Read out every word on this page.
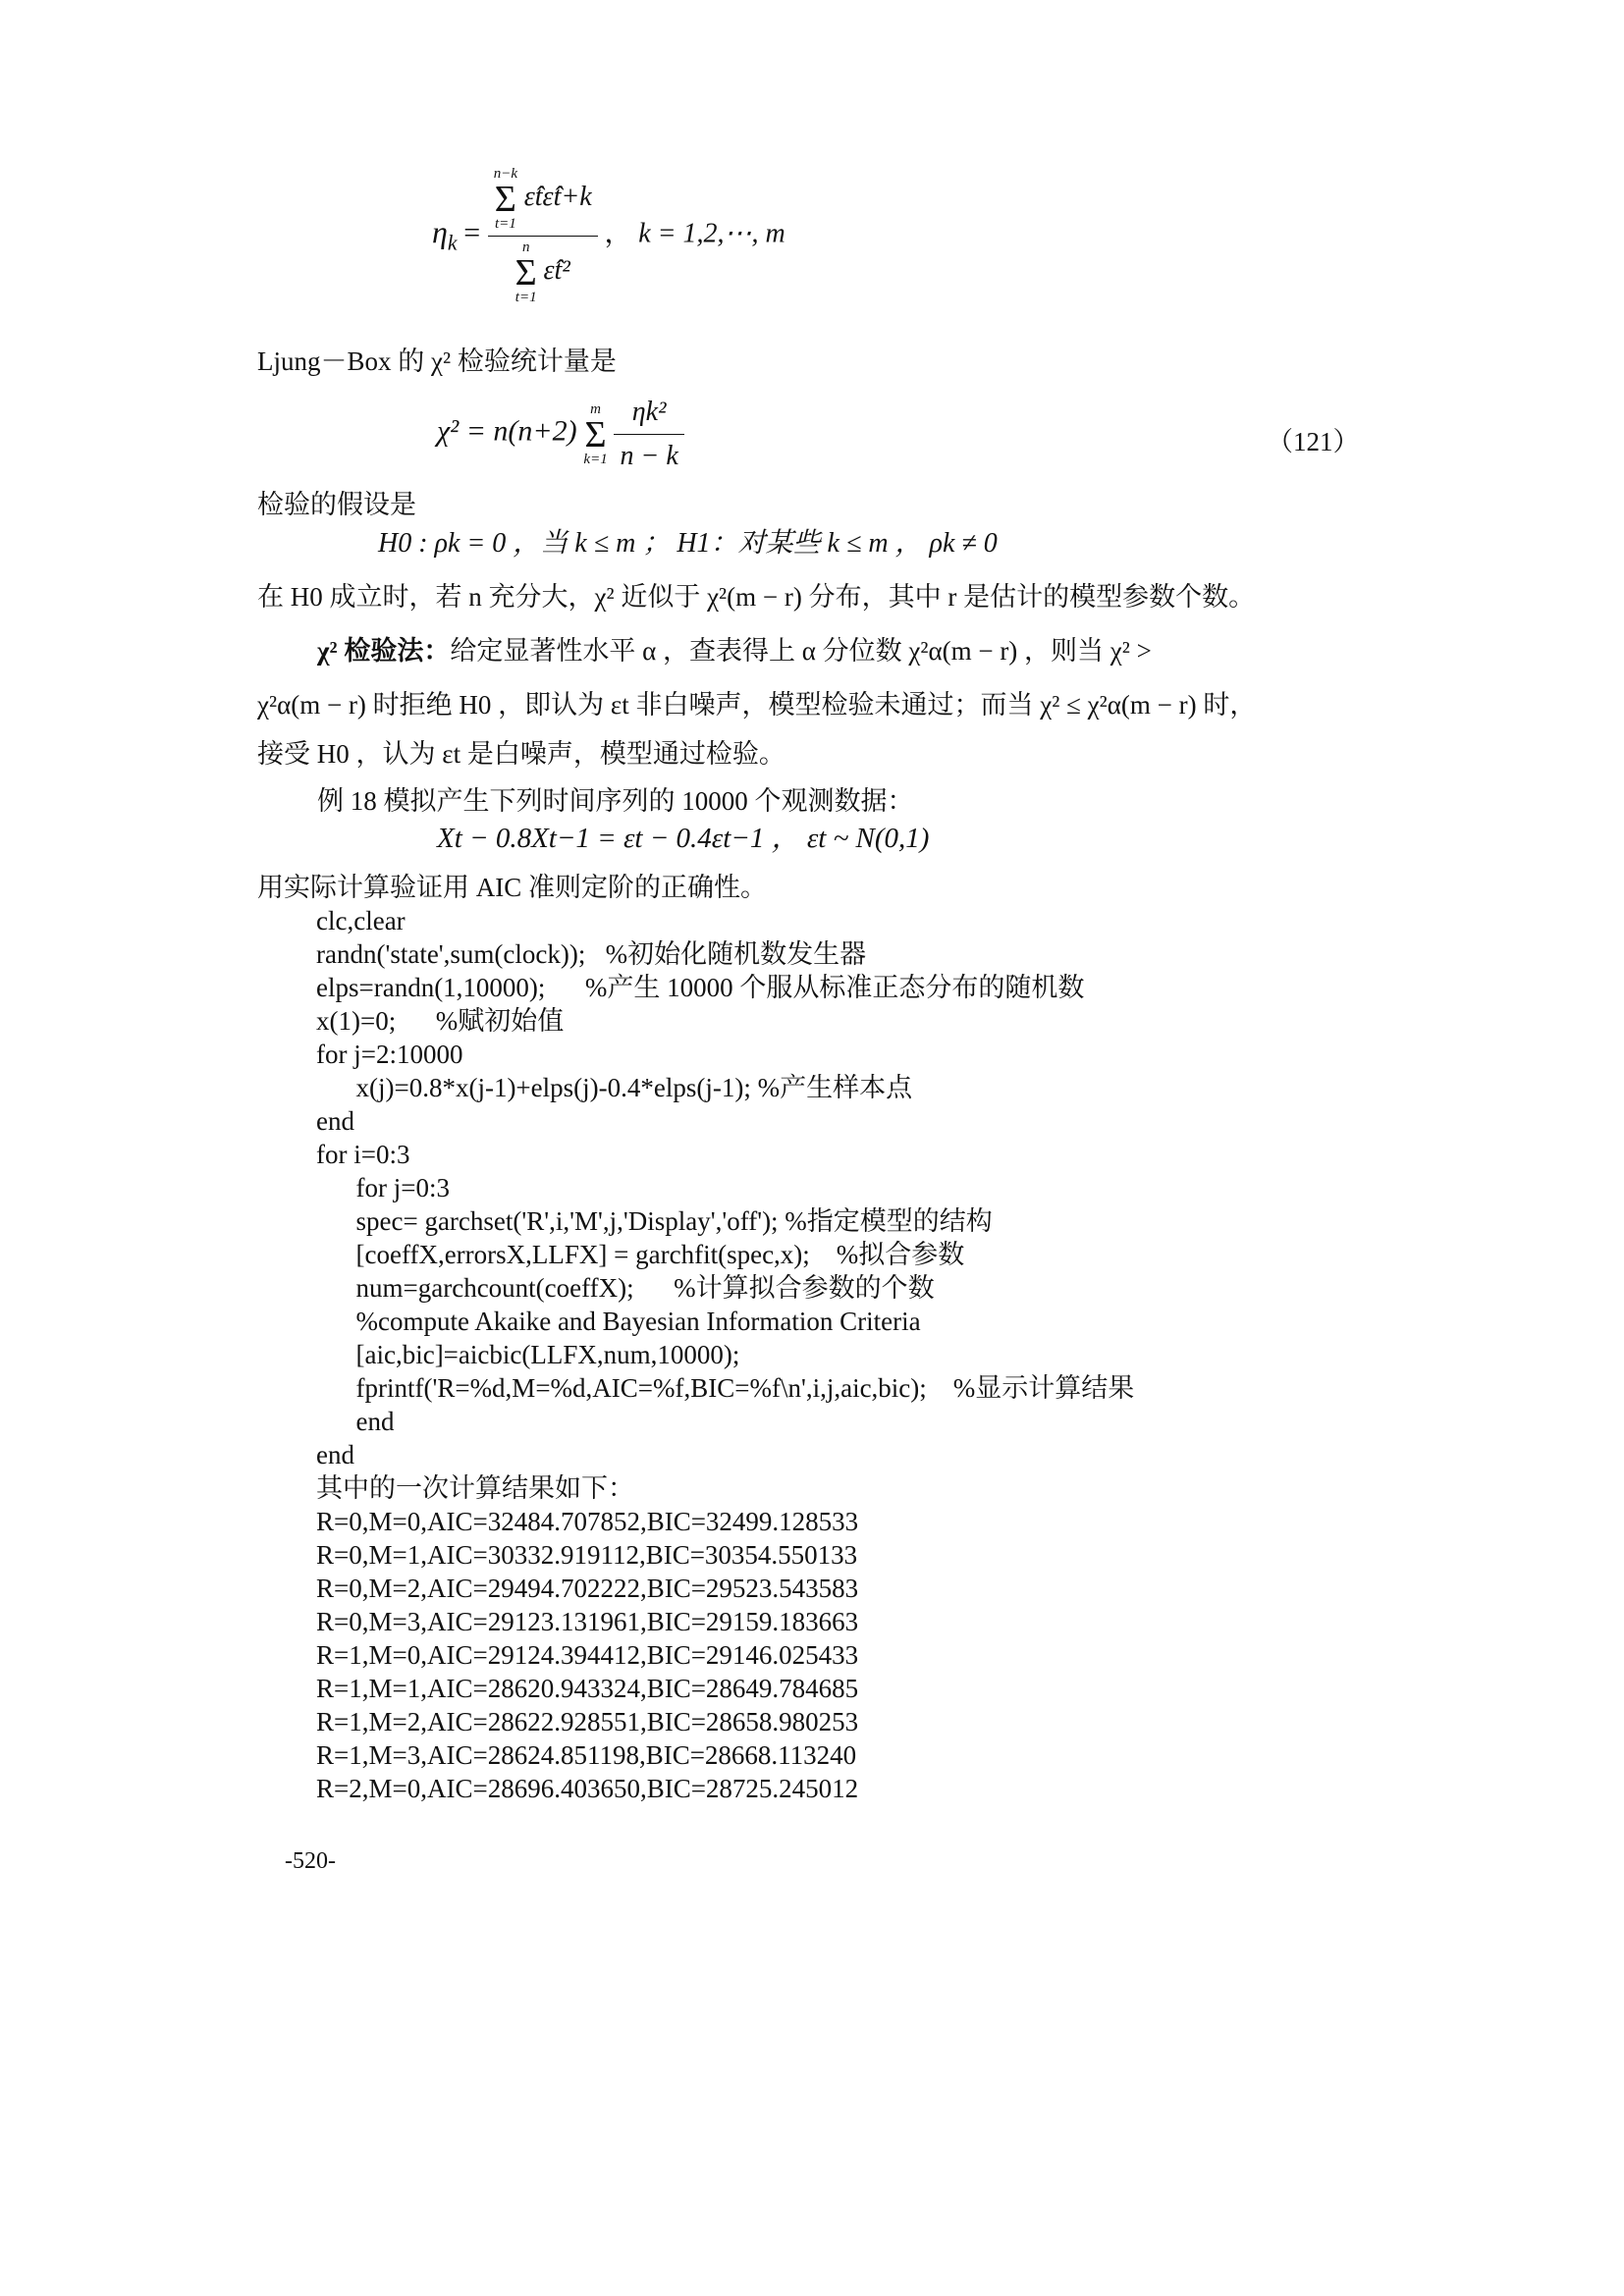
$\eta_k = n-k$
Σ
t=1
ε̂tε̂t+k
n
Σ
t=1
ε̂t² ， k = 1,2,⋯, m
Ljung－Box 的 χ² 检验统计量是
χ² = n(n+2)
m
Σ
k=1
$\frac{\text{ηk²}}{n - k}$	（121）
检验的假设是
H0 : ρk = 0 ，当 k ≤ m ； H1：对某些 k ≤ m ， ρk ≠ 0
在 H0 成立时，若 n 充分大，χ² 近似于 χ²(m − r) 分布，其中 r 是估计的模型参数个数。
χ² 检验法：给定显著性水平 α ，查表得上 α 分位数 χ²α(m − r) ，则当 χ² >
χ²α(m − r) 时拒绝 H0 ，即认为 εt 非白噪声，模型检验未通过；而当 χ² ≤ χ²α(m − r) 时，
接受 H0 ，认为 εt 是白噪声，模型通过检验。
例 18 模拟产生下列时间序列的 10000 个观测数据：
Xt − 0.8Xt−1 = εt − 0.4εt−1 ， εt ~ N(0,1)
用实际计算验证用 AIC 准则定阶的正确性。
clc,clear
randn('state',sum(clock));   %初始化随机数发生器
elps=randn(1,10000);      %产生 10000 个服从标准正态分布的随机数
x(1)=0;      %赋初始值
for j=2:10000
x(j)=0.8*x(j-1)+elps(j)-0.4*elps(j-1); %产生样本点
end
for i=0:3
for j=0:3
spec= garchset('R',i,'M',j,'Display','off'); %指定模型的结构
[coeffX,errorsX,LLFX] = garchfit(spec,x);    %拟合参数
num=garchcount(coeffX);      %计算拟合参数的个数
%compute Akaike and Bayesian Information Criteria
[aic,bic]=aicbic(LLFX,num,10000);
fprintf('R=%d,M=%d,AIC=%f,BIC=%f\n',i,j,aic,bic);    %显示计算结果
end
end
其中的一次计算结果如下：
R=0,M=0,AIC=32484.707852,BIC=32499.128533
R=0,M=1,AIC=30332.919112,BIC=30354.550133
R=0,M=2,AIC=29494.702222,BIC=29523.543583
R=0,M=3,AIC=29123.131961,BIC=29159.183663
R=1,M=0,AIC=29124.394412,BIC=29146.025433
R=1,M=1,AIC=28620.943324,BIC=28649.784685
R=1,M=2,AIC=28622.928551,BIC=28658.980253
R=1,M=3,AIC=28624.851198,BIC=28668.113240
R=2,M=0,AIC=28696.403650,BIC=28725.245012
-520-
